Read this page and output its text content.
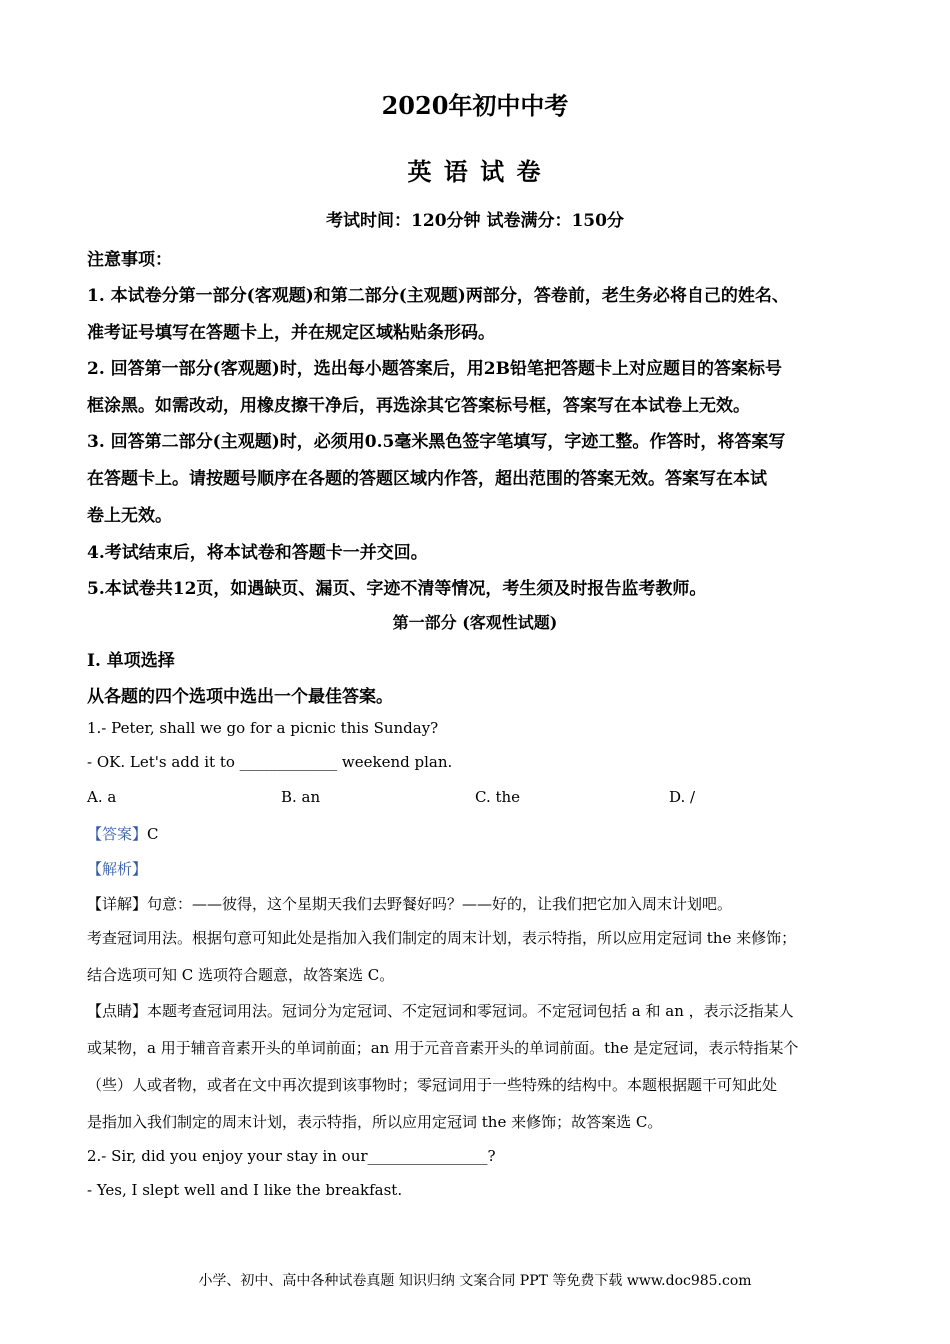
2020年初中中考
英 语 试 卷
考试时间：120分钟 试卷满分：150分
注意事项：
1. 本试卷分第一部分(客观题)和第二部分(主观题)两部分，答卷前，老生务必将自己的姓名、
准考证号填写在答题卡上，并在规定区域粘贴条形码。
2. 回答第一部分(客观题)时，选出每小题答案后，用2B铅笔把答题卡上对应题目的答案标号
框涂黑。如需改动，用橡皮擦干净后，再选涂其它答案标号框，答案写在本试卷上无效。
3. 回答第二部分(主观题)时，必须用0.5毫米黑色签字笔填写，字迹工整。作答时，将答案写
在答题卡上。请按题号顺序在各题的答题区域内作答，超出范围的答案无效。答案写在本试
卷上无效。
4.考试结束后，将本试卷和答题卡一并交回。
5.本试卷共12页，如遇缺页、漏页、字迹不清等情况，考生须及时报告监考教师。
第一部分 (客观性试题)
I. 单项选择
从各题的四个选项中选出一个最佳答案。
1.- Peter, shall we go for a picnic this Sunday?
- OK. Let's add it to _____________ weekend plan.
A. a	B. an	C. the	D. /
【答案】C
【解析】
【详解】句意：——彼得，这个星期天我们去野餐好吗？——好的，让我们把它加入周末计划吧。
考查冠词用法。根据句意可知此处是指加入我们制定的周末计划，表示特指，所以应用定冠词 the 来修饰；
结合选项可知 C 选项符合题意，故答案选 C。
【点睛】本题考查冠词用法。冠词分为定冠词、不定冠词和零冠词。不定冠词包括 a 和 an ，表示泛指某人
或某物，a 用于辅音音素开头的单词前面；an 用于元音音素开头的单词前面。the 是定冠词，表示特指某个
（些）人或者物，或者在文中再次提到该事物时；零冠词用于一些特殊的结构中。本题根据题干可知此处
是指加入我们制定的周末计划，表示特指，所以应用定冠词 the 来修饰；故答案选 C。
2.- Sir, did you enjoy your stay in our________________?
- Yes, I slept well and I like the breakfast.
小学、初中、高中各种试卷真题 知识归纳 文案合同 PPT 等免费下载 www.doc985.com
